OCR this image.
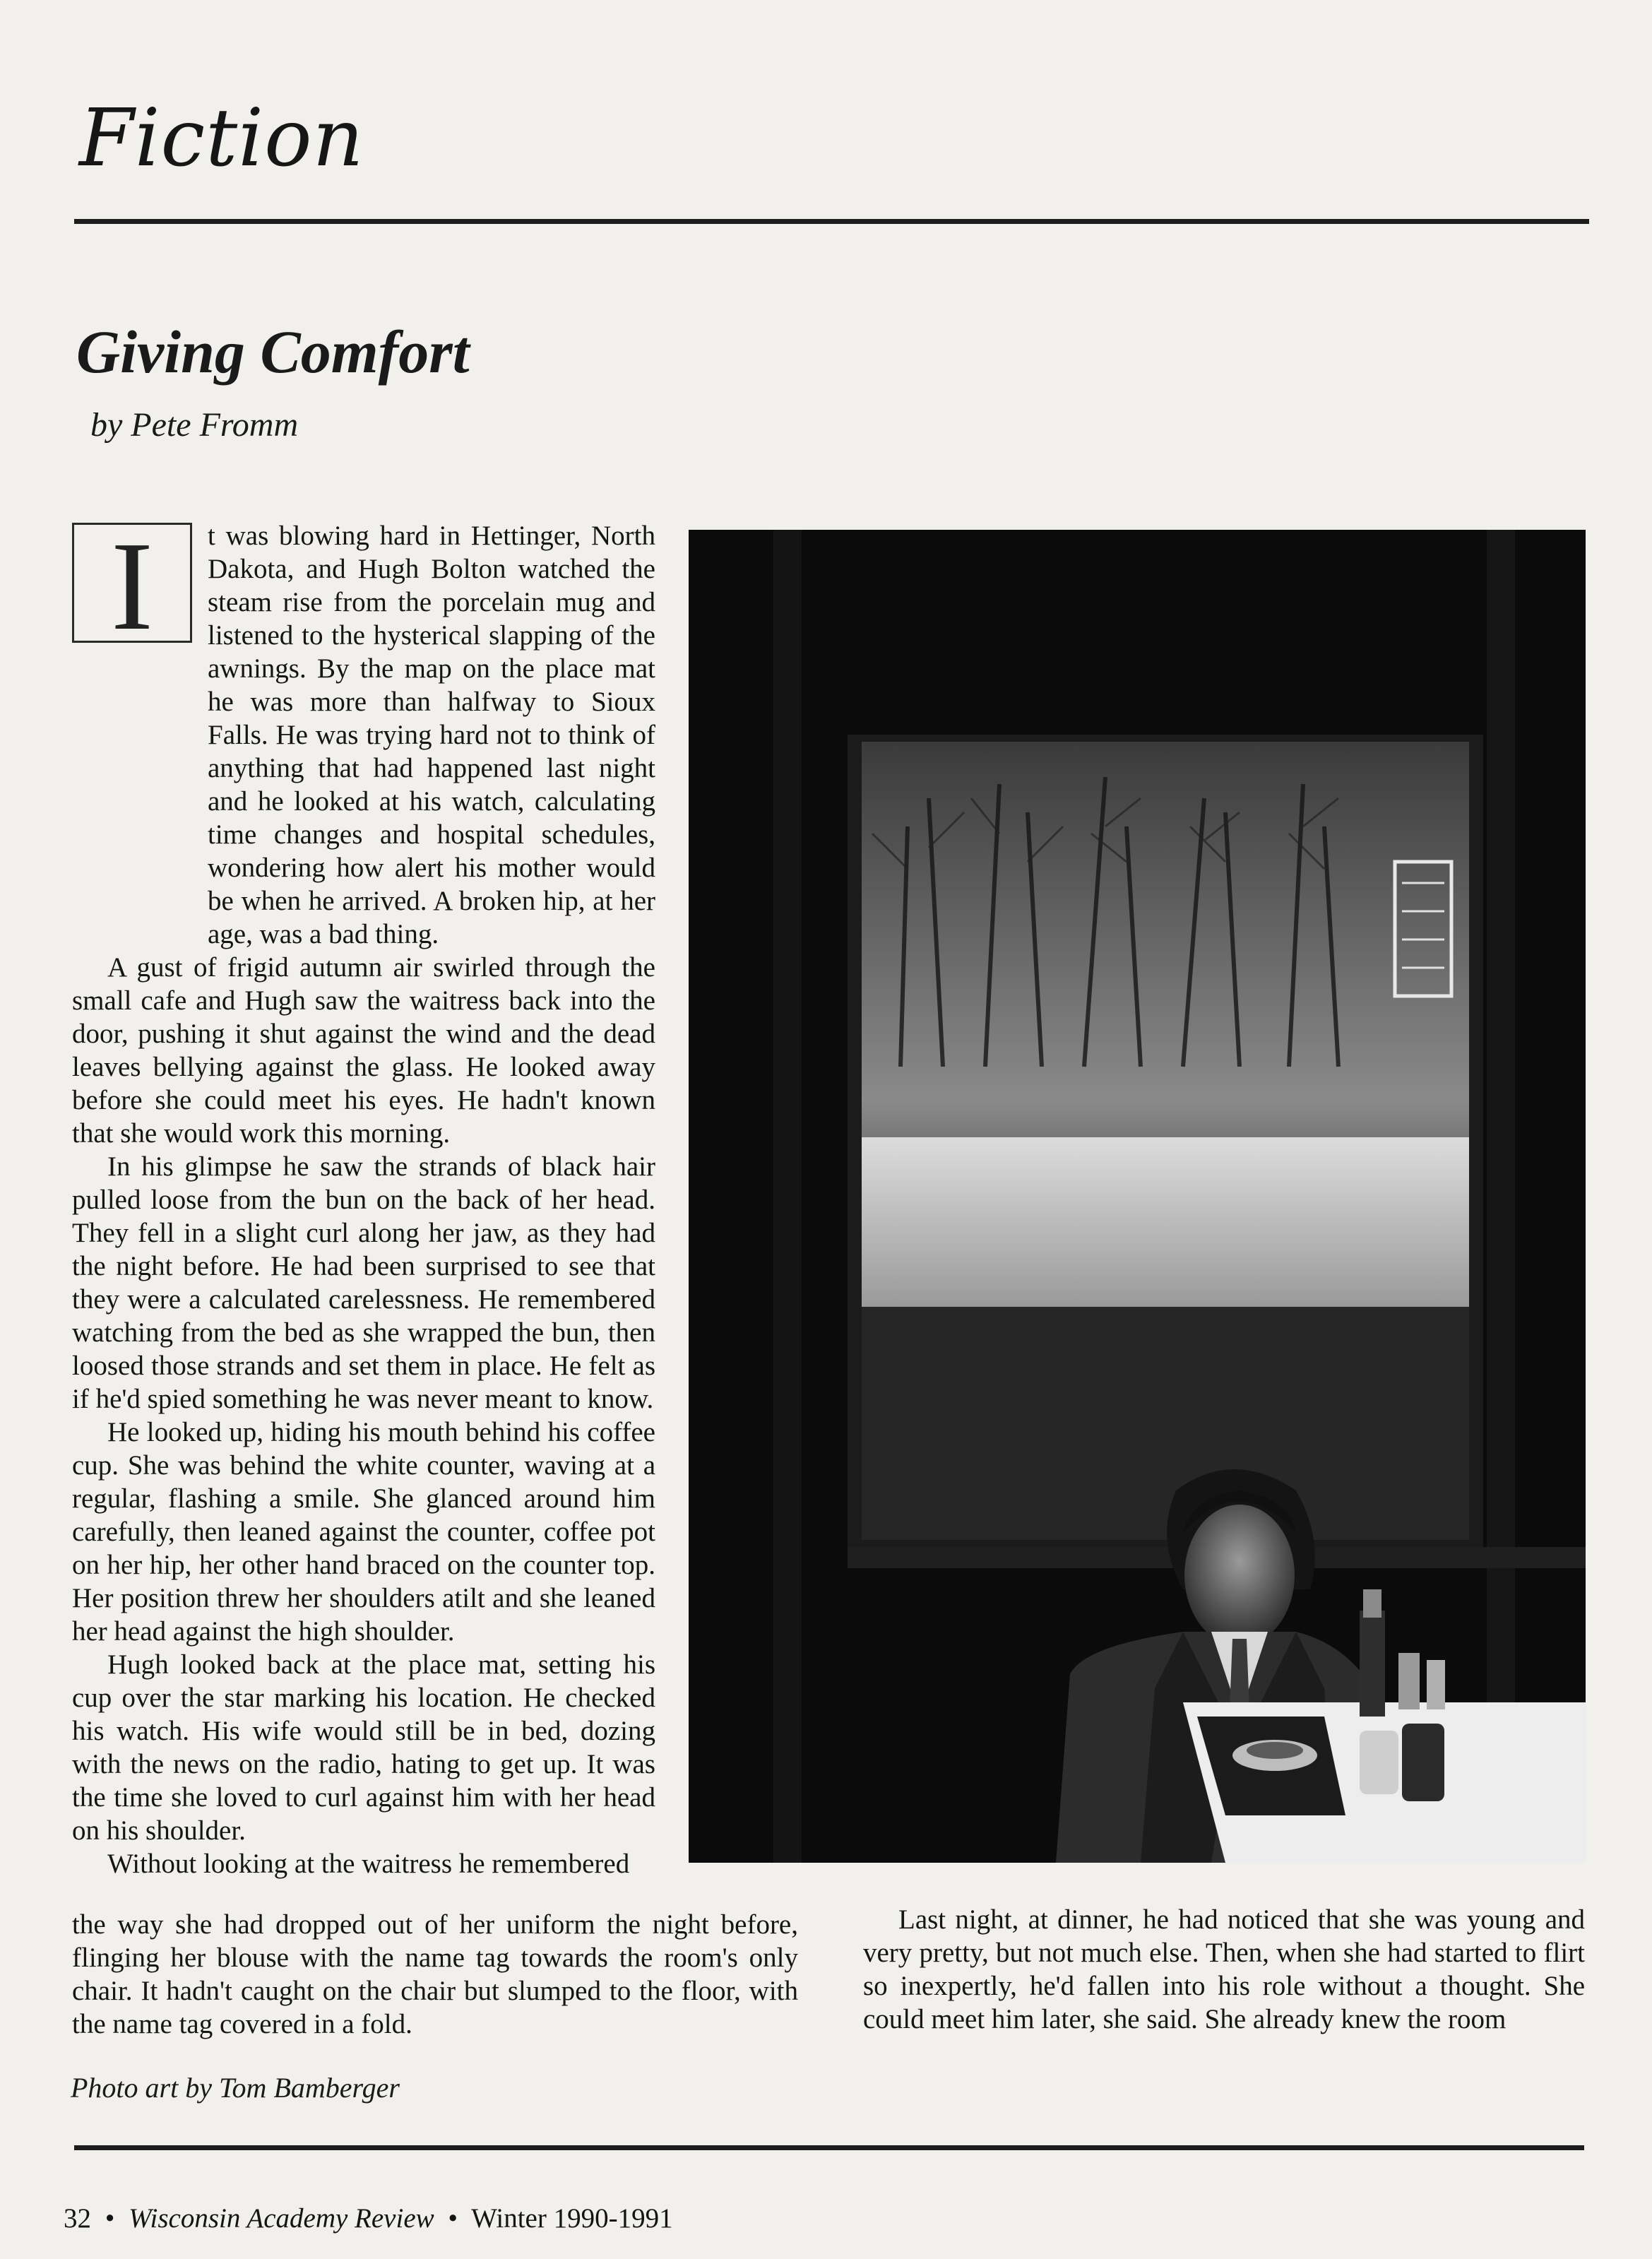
Fiction
Giving Comfort
by Pete Fromm
I	t was blowing hard in Hettinger, North Dakota, and Hugh Bolton watched the steam rise from the porcelain mug and listened to the hysterical slapping of the awnings. By the map on the place mat he was more than halfway to Sioux Falls. He was trying hard not to think of anything that had happened last night and he looked at his watch, calculating time changes and hospital schedules, wondering how alert his mother would be when he arrived. A broken hip, at her age, was a bad thing.

A gust of frigid autumn air swirled through the small cafe and Hugh saw the waitress back into the door, pushing it shut against the wind and the dead leaves bellying against the glass. He looked away before she could meet his eyes. He hadn't known that she would work this morning.

In his glimpse he saw the strands of black hair pulled loose from the bun on the back of her head. They fell in a slight curl along her jaw, as they had the night before. He had been surprised to see that they were a calculated carelessness. He remembered watching from the bed as she wrapped the bun, then loosed those strands and set them in place. He felt as if he'd spied something he was never meant to know.

He looked up, hiding his mouth behind his coffee cup. She was behind the white counter, waving at a regular, flashing a smile. She glanced around him carefully, then leaned against the counter, coffee pot on her hip, her other hand braced on the counter top. Her position threw her shoulders atilt and she leaned her head against the high shoulder.

Hugh looked back at the place mat, setting his cup over the star marking his location. He checked his watch. His wife would still be in bed, dozing with the news on the radio, hating to get up. It was the time she loved to curl against him with her head on his shoulder.

Without looking at the waitress he remembered

the way she had dropped out of her uniform the night before, flinging her blouse with the name tag towards the room's only chair. It hadn't caught on the chair but slumped to the floor, with the name tag covered in a fold.
Last night, at dinner, he had noticed that she was young and very pretty, but not much else. Then, when she had started to flirt so inexpertly, he'd fallen into his role without a thought. She could meet him later, she said. She already knew the room
Photo art by Tom Bamberger
32 • Wisconsin Academy Review • Winter 1990-1991
